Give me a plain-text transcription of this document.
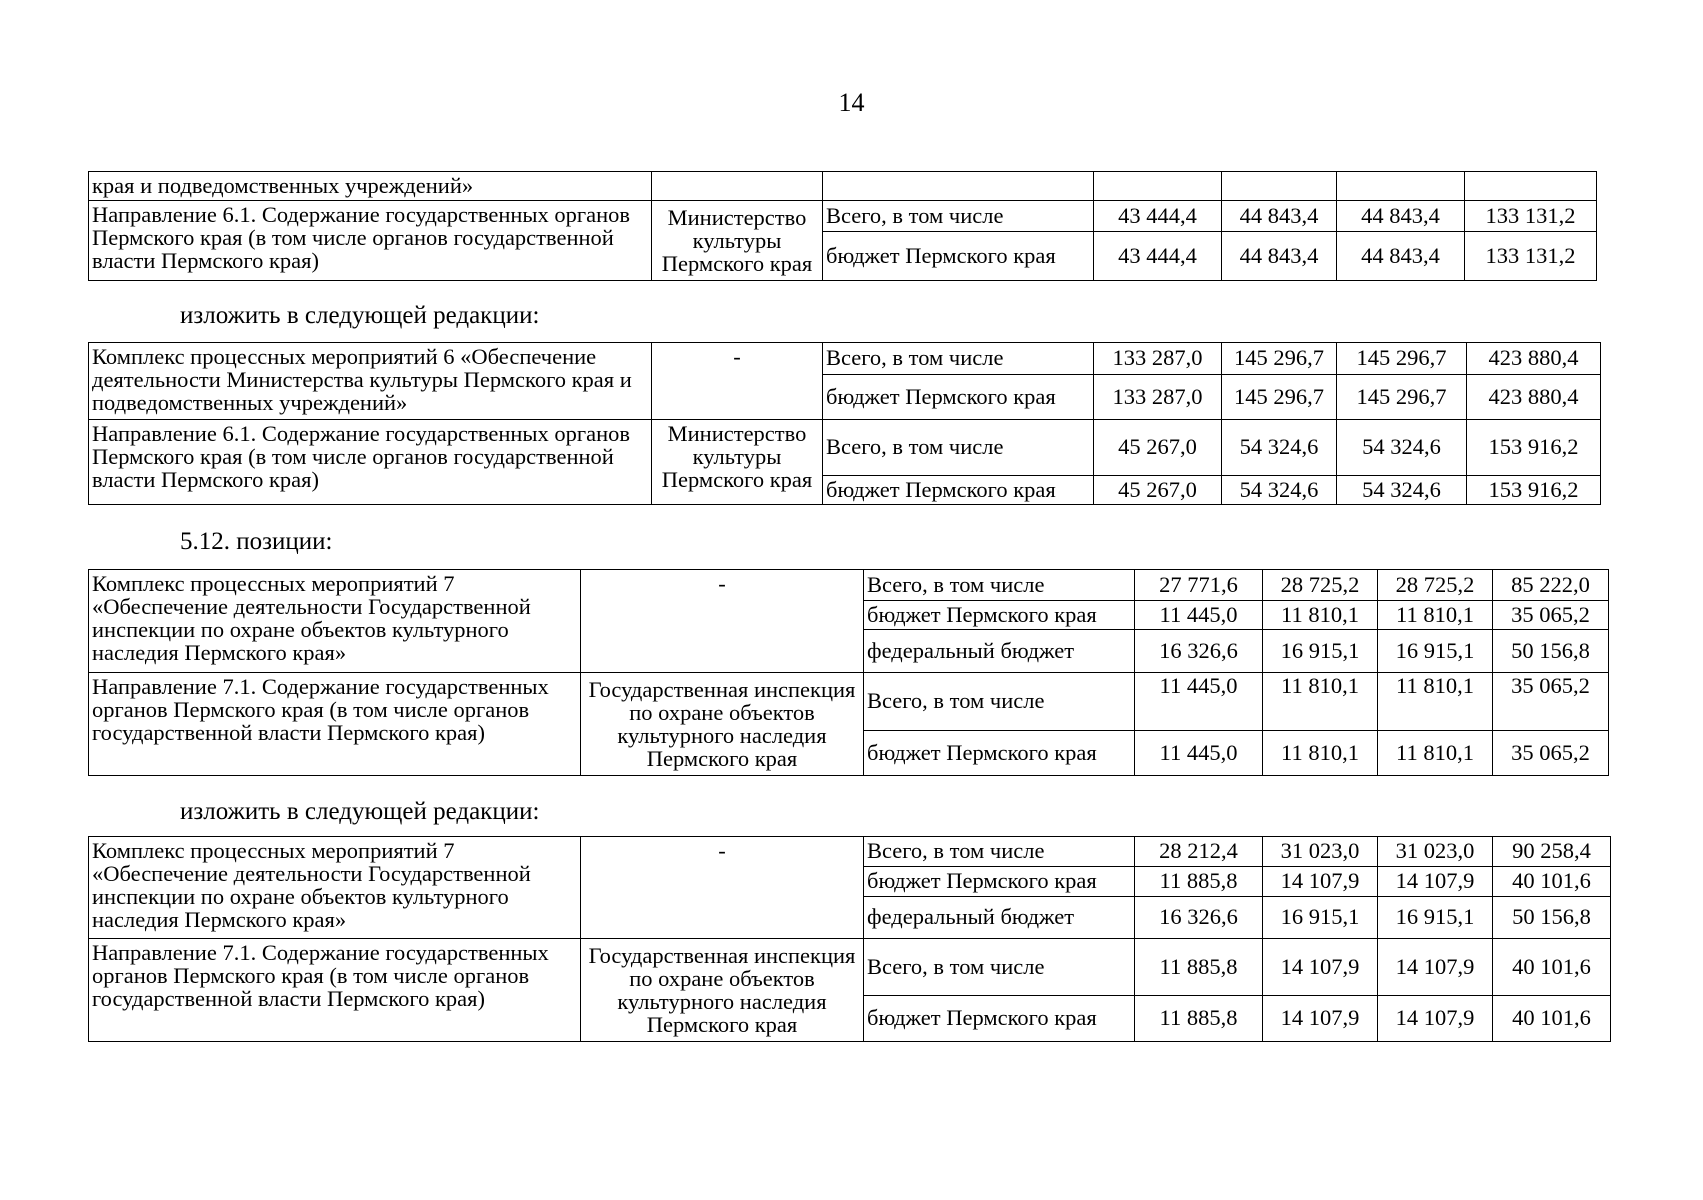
14
края и подведомственных учреждений»						
Направление 6.1. Содержание государственных органов Пермского края (в том числе органов государственной власти Пермского края)	Министерство культуры Пермского края	Всего, в том числе	43 444,4	44 843,4	44 843,4	133 131,2
		бюджет Пермского края	43 444,4	44 843,4	44 843,4	133 131,2
изложить в следующей редакции:
Комплекс процессных мероприятий 6 «Обеспечение деятельности Министерства культуры Пермского края и подведомственных учреждений»	-	Всего, в том числе	133 287,0	145 296,7	145 296,7	423 880,4
		бюджет Пермского края	133 287,0	145 296,7	145 296,7	423 880,4
Направление 6.1. Содержание государственных органов Пермского края (в том числе органов государственной власти Пермского края)	Министерство культуры Пермского края	Всего, в том числе	45 267,0	54 324,6	54 324,6	153 916,2
		бюджет Пермского края	45 267,0	54 324,6	54 324,6	153 916,2
5.12. позиции:
Комплекс процессных мероприятий 7 «Обеспечение деятельности Государственной инспекции по охране объектов культурного наследия Пермского края»	-	Всего, в том числе	27 771,6	28 725,2	28 725,2	85 222,0
		бюджет Пермского края	11 445,0	11 810,1	11 810,1	35 065,2
		федеральный бюджет	16 326,6	16 915,1	16 915,1	50 156,8
Направление 7.1. Содержание государственных органов Пермского края (в том числе органов государственной власти Пермского края)	Государственная инспекция по охране объектов культурного наследия Пермского края	Всего, в том числе	11 445,0	11 810,1	11 810,1	35 065,2
		бюджет Пермского края	11 445,0	11 810,1	11 810,1	35 065,2
изложить в следующей редакции:
Комплекс процессных мероприятий 7 «Обеспечение деятельности Государственной инспекции по охране объектов культурного наследия Пермского края»	-	Всего, в том числе	28 212,4	31 023,0	31 023,0	90 258,4
		бюджет Пермского края	11 885,8	14 107,9	14 107,9	40 101,6
		федеральный бюджет	16 326,6	16 915,1	16 915,1	50 156,8
Направление 7.1. Содержание государственных органов Пермского края (в том числе органов государственной власти Пермского края)	Государственная инспекция по охране объектов культурного наследия Пермского края	Всего, в том числе	11 885,8	14 107,9	14 107,9	40 101,6
		бюджет Пермского края	11 885,8	14 107,9	14 107,9	40 101,6
